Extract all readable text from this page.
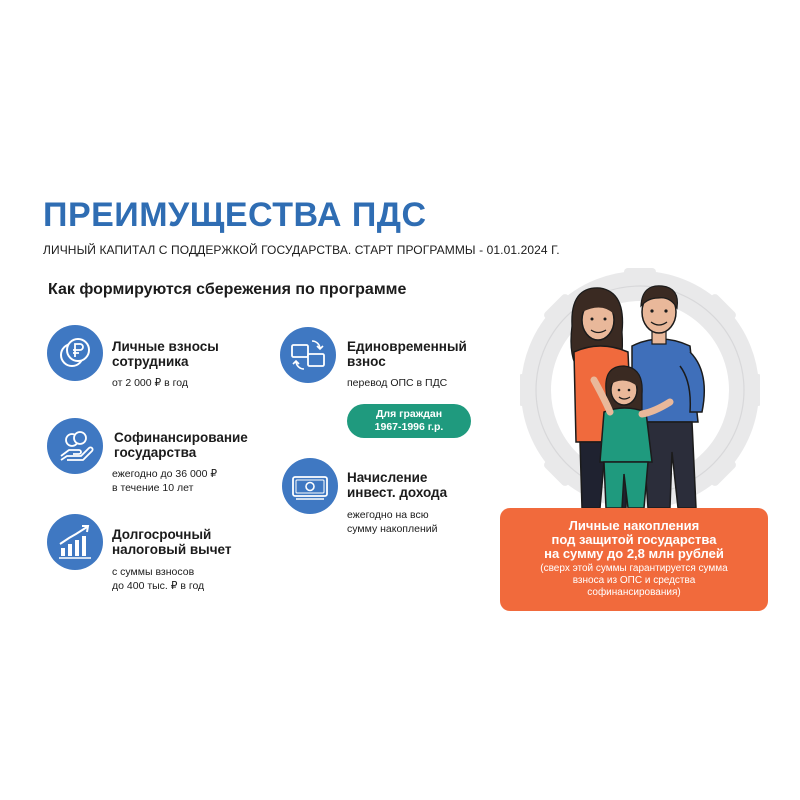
ПРЕИМУЩЕСТВА ПДС
ЛИЧНЫЙ КАПИТАЛ С ПОДДЕРЖКОЙ ГОСУДАРСТВА. СТАРТ ПРОГРАММЫ - 01.01.2024 Г.
Как формируются сбережения по программе
Личные взносы
сотрудника
от 2 000 ₽ в год
Софинансирование
государства
ежегодно до 36 000 ₽
в течение 10 лет
Долгосрочный
налоговый вычет
с суммы взносов
до 400 тыс. ₽ в год
Единовременный
взнос
перевод ОПС в ПДС
Для граждан
1967-1996 г.р.
Начисление
инвест. дохода
ежегодно на всю
сумму накоплений	Личные накопления
под защитой государства
на сумму до 2,8 млн рублей
(сверх этой суммы гарантируется сумма
взноса из ОПС и средства
софинансирования)
